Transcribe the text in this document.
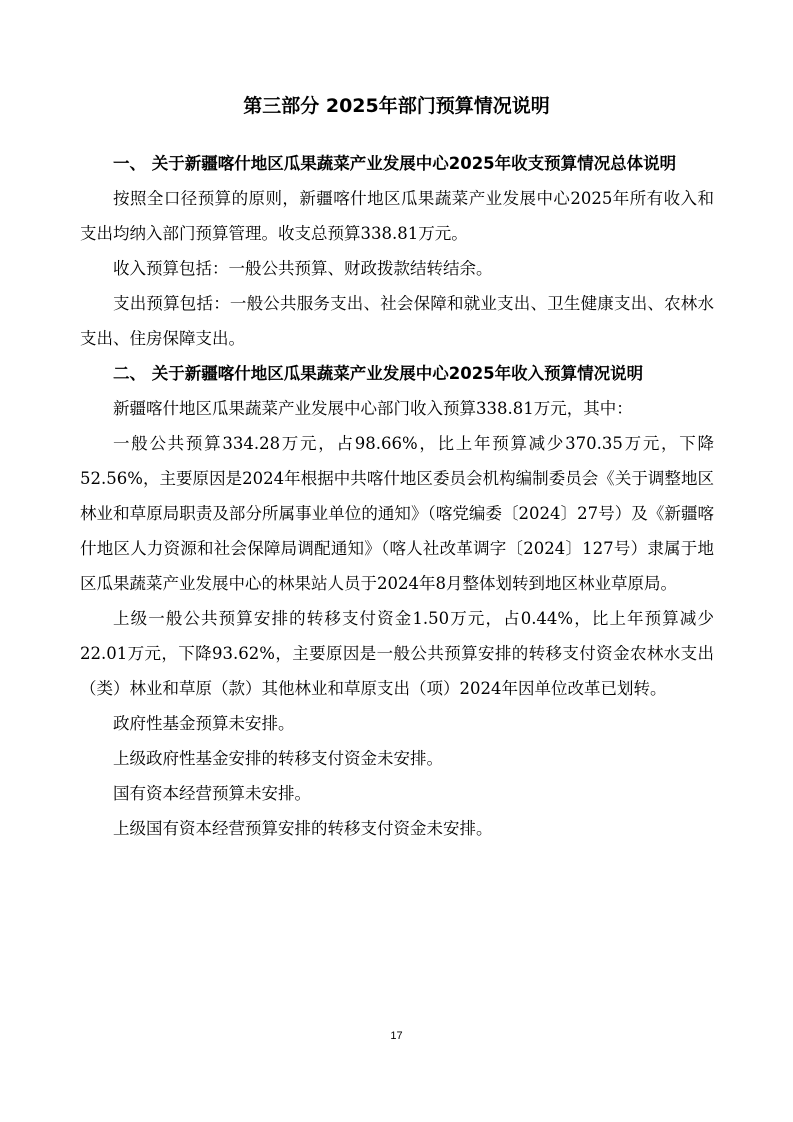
第三部分 2025年部门预算情况说明

一、 关于新疆喀什地区瓜果蔬菜产业发展中心2025年收支预算情况总体说明

按照全口径预算的原则，新疆喀什地区瓜果蔬菜产业发展中心2025年所有收入和支出均纳入部门预算管理。收支总预算338.81万元。

收入预算包括：一般公共预算、财政拨款结转结余。

支出预算包括：一般公共服务支出、社会保障和就业支出、卫生健康支出、农林水支出、住房保障支出。

二、 关于新疆喀什地区瓜果蔬菜产业发展中心2025年收入预算情况说明

新疆喀什地区瓜果蔬菜产业发展中心部门收入预算338.81万元，其中：

一般公共预算334.28万元，占98.66%，比上年预算减少370.35万元，下降52.56%，主要原因是2024年根据中共喀什地区委员会机构编制委员会《关于调整地区林业和草原局职责及部分所属事业单位的通知》（喀党编委〔2024〕27号）及《新疆喀什地区人力资源和社会保障局调配通知》（喀人社改革调字〔2024〕127号）隶属于地区瓜果蔬菜产业发展中心的林果站人员于2024年8月整体划转到地区林业草原局。

上级一般公共预算安排的转移支付资金1.50万元，占0.44%，比上年预算减少22.01万元，下降93.62%，主要原因是一般公共预算安排的转移支付资金农林水支出（类）林业和草原（款）其他林业和草原支出（项）2024年因单位改革已划转。

政府性基金预算未安排。

上级政府性基金安排的转移支付资金未安排。

国有资本经营预算未安排。

上级国有资本经营预算安排的转移支付资金未安排。

17
